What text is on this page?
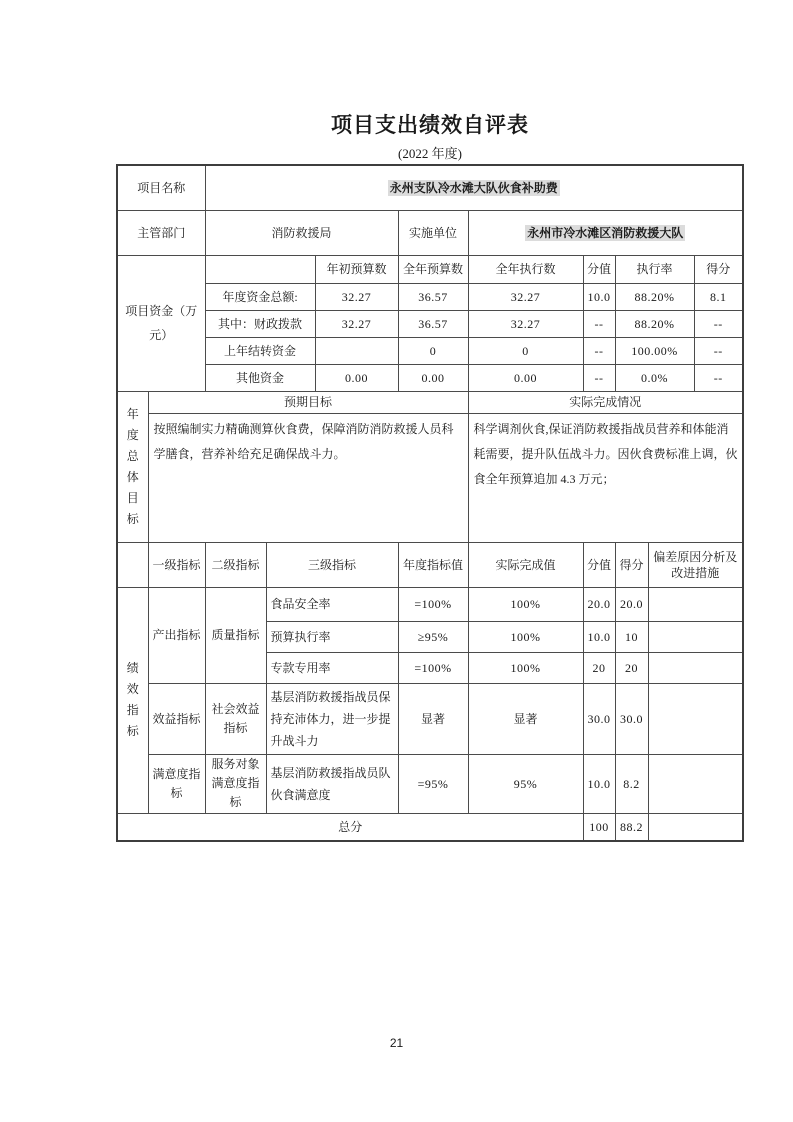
项目支出绩效自评表
(2022 年度)
项目名称		永州支队冷水滩大队伙食补助费								
主管部门		消防救援局			实施单位	永州市冷水滩区消防救援大队				
项目资金（万元）				年初预算数	全年预算数	全年执行数	分值	执行率		得分
		年度资金总额:		32.27	36.57	32.27	10.0	88.20%		8.1
		其中：财政拨款		32.27	36.57	32.27	--	88.20%		--
		上年结转资金			0	0	--	100.00%		--
		其他资金		0.00	0.00	0.00	--	0.0%		--
年度总体目标	预期目标					实际完成情况				
	按照编制实力精确测算伙食费，保障消防消防救援人员科学膳食，营养补给充足确保战斗力。					科学调剂伙食,保证消防救援指战员营养和体能消耗需要，提升队伍战斗力。因伙食费标准上调，伙食全年预算追加 4.3 万元；				
	一级指标	二级指标	三级指标		年度指标值	实际完成值	分值	得分	偏差原因分析及改进措施	
绩效指标	产出指标	质量指标	食品安全率		=100%	100%	20.0	20.0		
			预算执行率		≥95%	100%	10.0	10		
			专款专用率		=100%	100%	20	20		
	效益指标	社会效益指标	基层消防救援指战员保持充沛体力，进一步提升战斗力		显著	显著	30.0	30.0		
	满意度指标	服务对象满意度指标	基层消防救援指战员队伙食满意度		=95%	95%	10.0	8.2		
总分							100	88.2		
21
